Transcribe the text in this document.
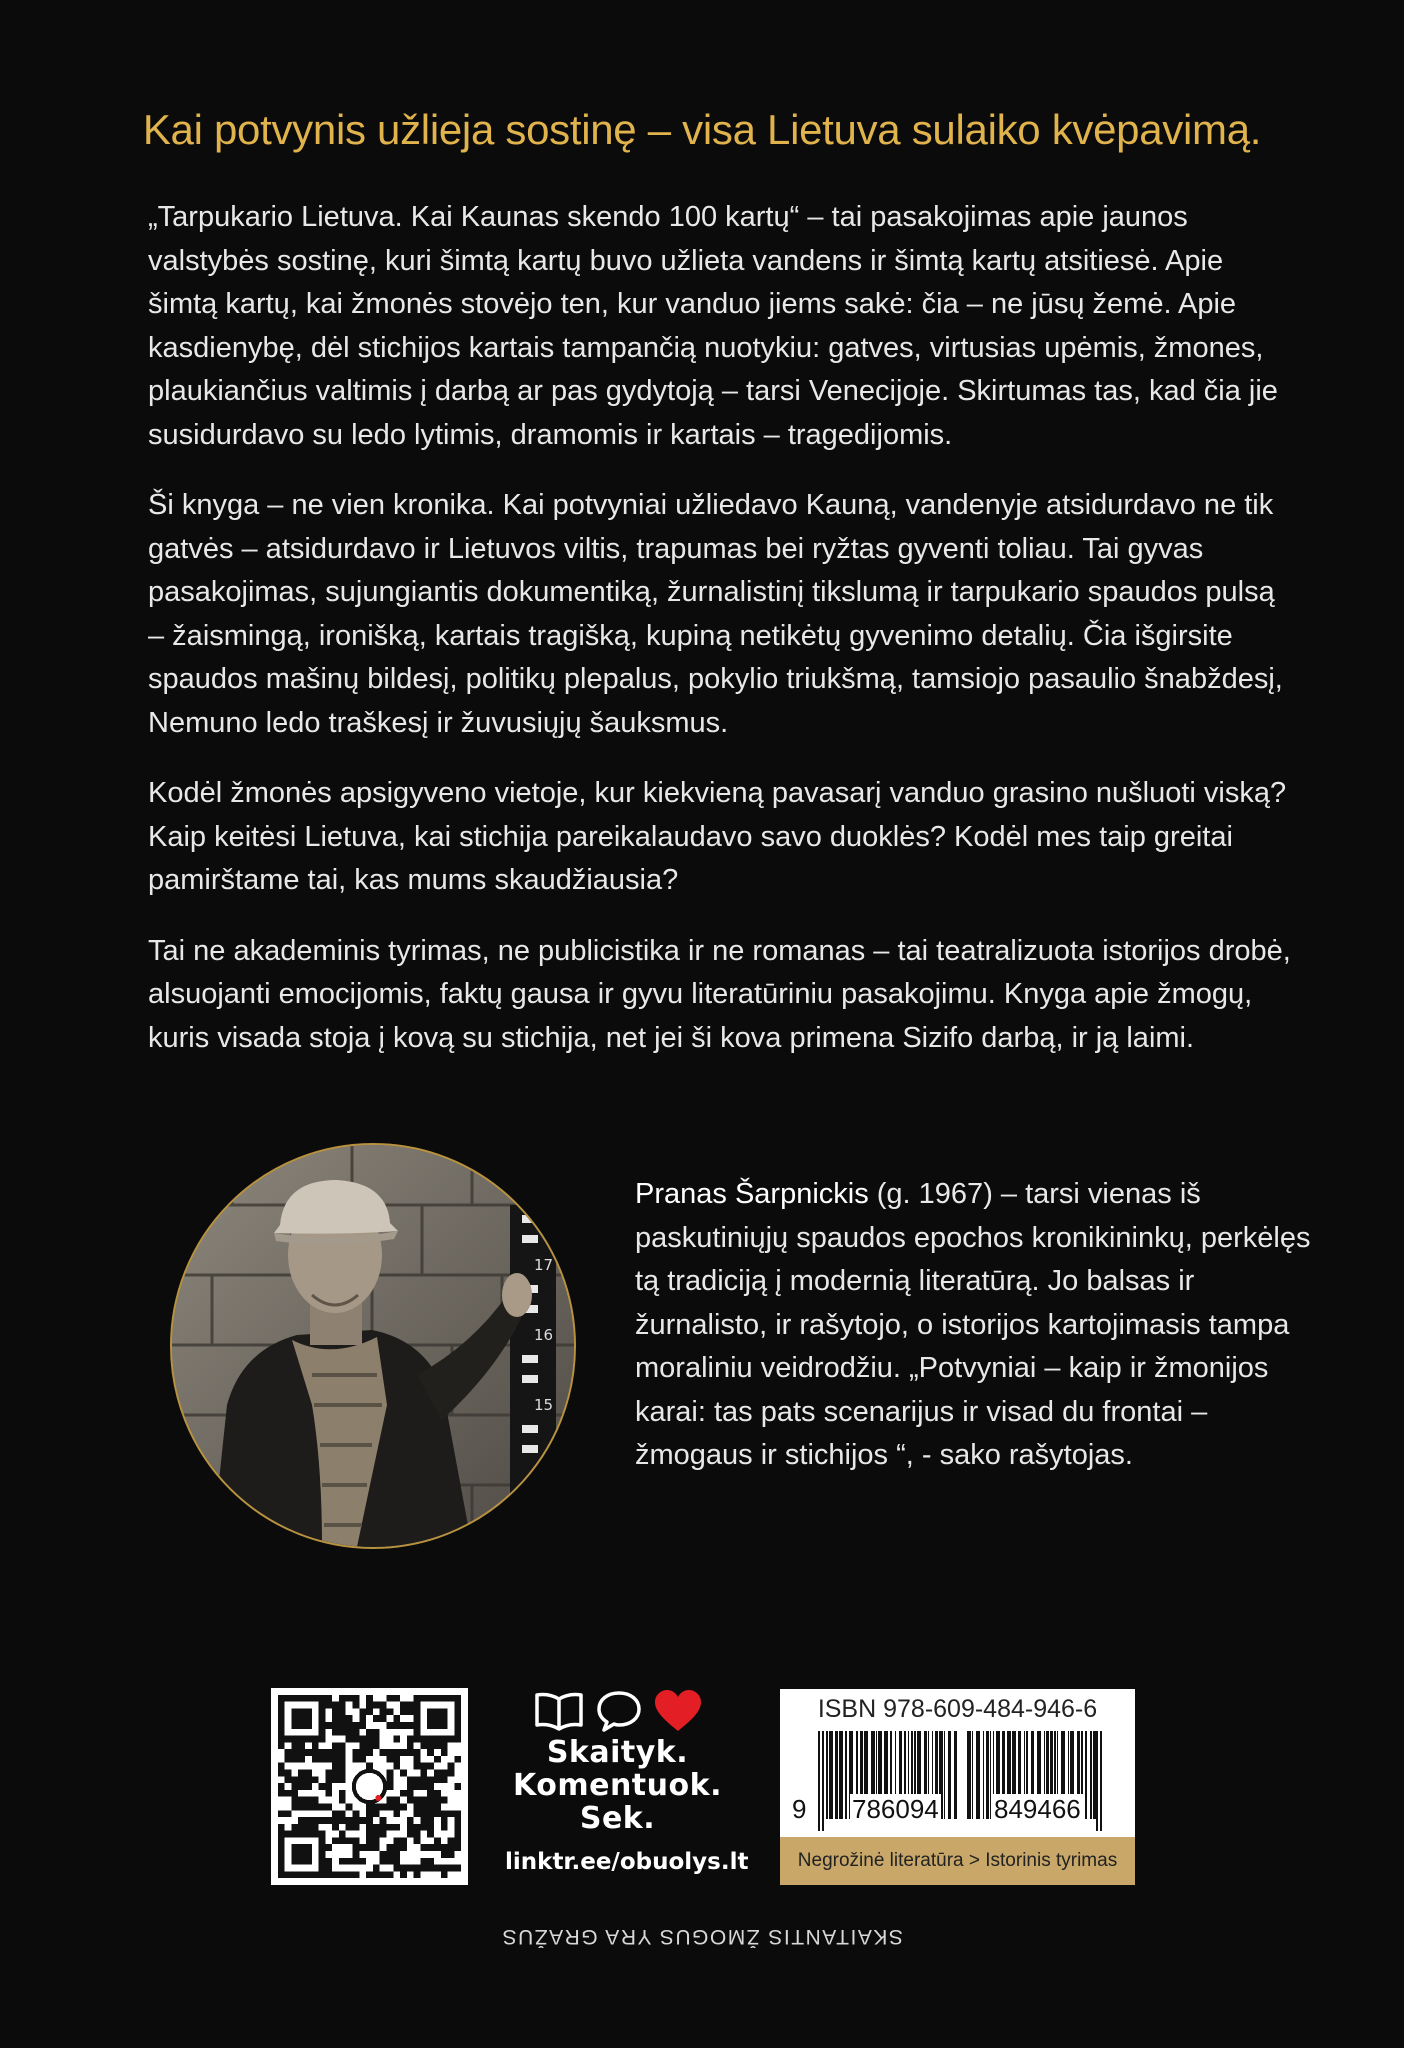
Kai potvynis užlieja sostinę – visa Lietuva sulaiko kvėpavimą.

„Tarpukario Lietuva. Kai Kaunas skendo 100 kartų“ – tai pasakojimas apie jaunos valstybės sostinę, kuri šimtą kartų buvo užlieta vandens ir šimtą kartų atsitiesė. Apie šimtą kartų, kai žmonės stovėjo ten, kur vanduo jiems sakė: čia – ne jūsų žemė. Apie kasdienybę, dėl stichijos kartais tampančią nuotykiu: gatves, virtusias upėmis, žmones, plaukiančius valtimis į darbą ar pas gydytoją – tarsi Venecijoje. Skirtumas tas, kad čia jie susidurdavo su ledo lytimis, dramomis ir kartais – tragedijomis.

Ši knyga – ne vien kronika. Kai potvyniai užliedavo Kauną, vandenyje atsidurdavo ne tik gatvės – atsidurdavo ir Lietuvos viltis, trapumas bei ryžtas gyventi toliau. Tai gyvas pasakojimas, sujungiantis dokumentiką, žurnalistinį tikslumą ir tarpukario spaudos pulsą – žaismingą, ironišką, kartais tragišką, kupiną netikėtų gyvenimo detalių. Čia išgirsite spaudos mašinų bildesį, politikų plepalus, pokylio triukšmą, tamsiojo pasaulio šnabždesį, Nemuno ledo traškesį ir žuvusiųjų šauksmus.

Kodėl žmonės apsigyveno vietoje, kur kiekvieną pavasarį vanduo grasino nušluoti viską? Kaip keitėsi Lietuva, kai stichija pareikalaudavo savo duoklės? Kodėl mes taip greitai pamirštame tai, kas mums skaudžiausia?

Tai ne akademinis tyrimas, ne publicistika ir ne romanas – tai teatralizuota istorijos drobė, alsuojanti emocijomis, faktų gausa ir gyvu literatūriniu pasakojimu. Knyga apie žmogų, kuris visada stoja į kovą su stichija, net jei ši kova primena Sizifo darbą, ir ją laimi.

17
16
15
14
13
Pranas Šarpnickis (g. 1967) – tarsi vienas iš paskutiniųjų spaudos epochos kronikininkų, perkėlęs tą tradiciją į modernią literatūrą. Jo balsas ir žurnalisto, ir rašytojo, o istorijos kartojimasis tampa moraliniu veidrodžiu. „Potvyniai – kaip ir žmonijos karai: tas pats scenarijus ir visad du frontai – žmogaus ir stichijos “, - sako rašytojas.
Skaityk.
Komentuok.
Sek.
linktr.ee/obuolys.lt
ISBN 978-609-484-946-6
9 786094 849466
Negrožinė literatūra > Istorinis tyrimas
SKAITANTIS ŽMOGUS YRA GRAŽUS
